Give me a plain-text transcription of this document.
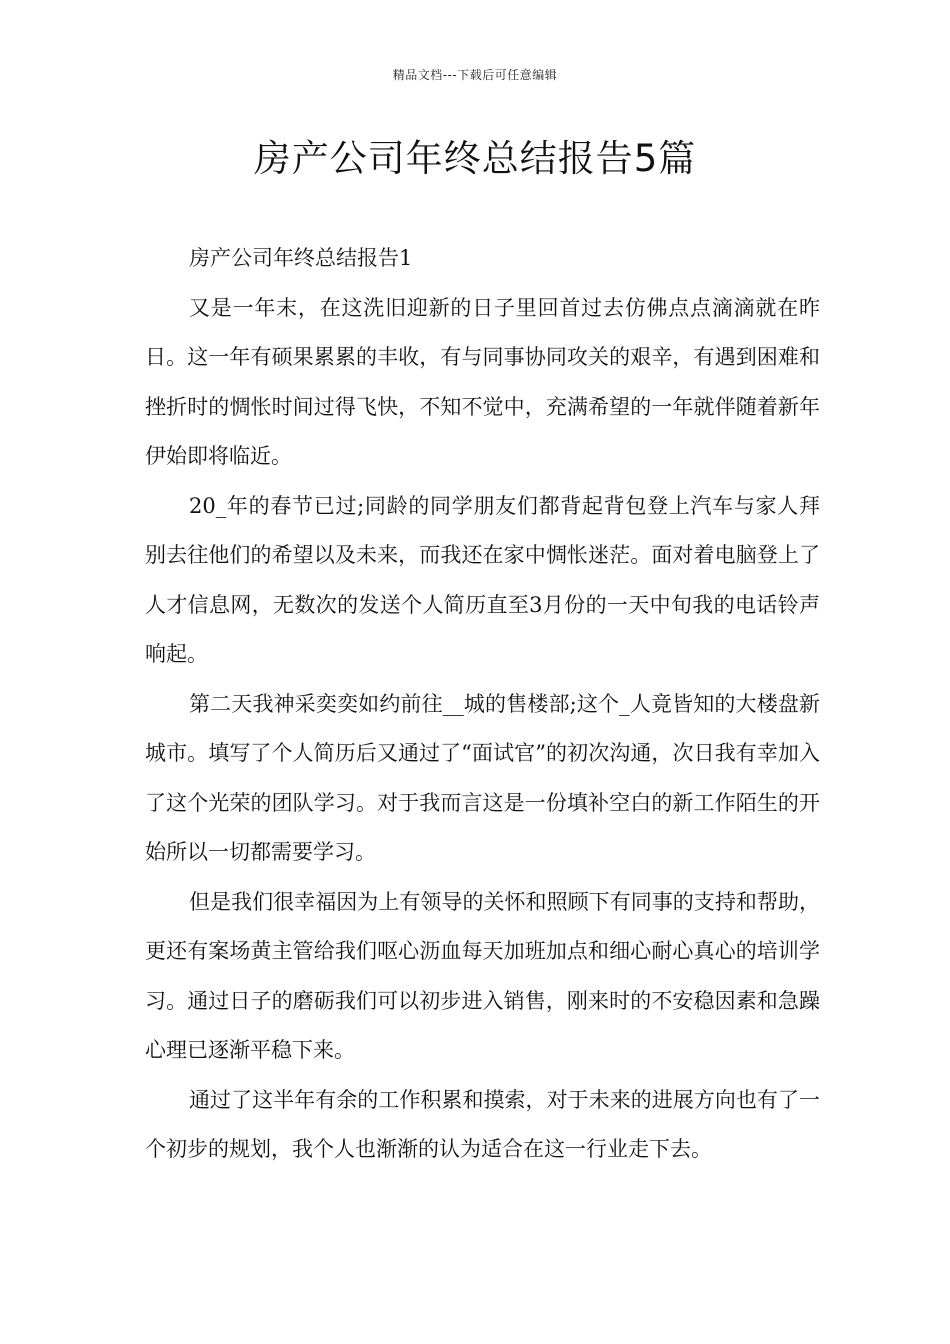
精品文档---下载后可任意编辑
房产公司年终总结报告5篇

房产公司年终总结报告1

又是一年末，在这洗旧迎新的日子里回首过去仿佛点点滴滴就在昨日。这一年有硕果累累的丰收，有与同事协同攻关的艰辛，有遇到困难和挫折时的惆怅时间过得飞快，不知不觉中，充满希望的一年就伴随着新年伊始即将临近。

20_年的春节已过;同龄的同学朋友们都背起背包登上汽车与家人拜别去往他们的希望以及未来，而我还在家中惆怅迷茫。面对着电脑登上了人才信息网，无数次的发送个人简历直至3月份的一天中旬我的电话铃声响起。

第二天我神采奕奕如约前往__城的售楼部;这个_人竟皆知的大楼盘新城市。填写了个人简历后又通过了“面试官”的初次沟通，次日我有幸加入了这个光荣的团队学习。对于我而言这是一份填补空白的新工作陌生的开始所以一切都需要学习。

但是我们很幸福因为上有领导的关怀和照顾下有同事的支持和帮助，更还有案场黄主管给我们呕心沥血每天加班加点和细心耐心真心的培训学习。通过日子的磨砺我们可以初步进入销售，刚来时的不安稳因素和急躁心理已逐渐平稳下来。

通过了这半年有余的工作积累和摸索，对于未来的进展方向也有了一个初步的规划，我个人也渐渐的认为适合在这一行业走下去。
